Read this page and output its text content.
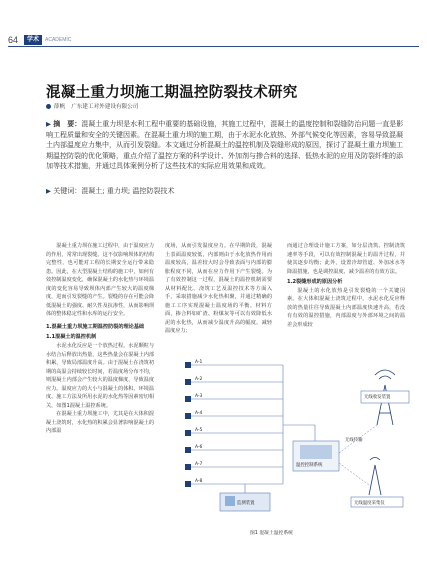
64	学术	ACADEMIC
混凝土重力坝施工期温控防裂技术研究
薛帆 广东建工对外建设有限公司
▶ 摘　要：混凝土重力坝是水利工程中重要的基础设施，其施工过程中，混凝土的温度控制和裂缝防治问题一直是影响工程质量和安全的关键因素。在混凝土重力坝的施工期，由于水泥水化放热、外部气候变化等因素，容易导致混凝土内部温度应力集中，从而引发裂缝。本文通过分析混凝土的温控机制及裂缝形成的原因，探讨了混凝土重力坝施工期温控防裂的优化策略，重点介绍了温控方案的科学设计、外加剂与掺合料的选择、低热水泥的应用及防裂纤维的添加等技术措施，并通过具体案例分析了这些技术的实际应用效果和成效。
▶ 关键词：混凝土; 重力坝; 温控防裂技术

混凝土重力坝在施工过程中，由于温度应力的作用，常常出现裂缝。这不仅影响坝体的结构完整性，也可能对工程的长期安全运行带来隐患。因此，在大型混凝土结构的施工中，如何有效控制温度变化，确保混凝土的水化热与环境温度的变化容易导致坝体内部产生较大的温度梯度，进而引发裂缝的产生。裂缝的存在可能会降低混凝土的强度、耐久性及抗渗性，从而影响坝体的整体稳定性和水库的运行安全。

1.混凝土重力坝施工期温控防裂的理论基础

1.1混凝土的温控机制

水泥水化反应是一个放热过程。水泥颗粒与水结合后释放出热量，这些热量会在混凝土内部积累，导致局部温度升高。由于混凝土在浇筑初期的高温会持续较长时间，若温度场分布不均，则混凝土内部会产生较大的温度梯度，导致温度应力。温度应力的大小与混凝土的体积、环境温度、施工方法及所用水泥的水化热等因素密切相关，如图1混凝土温控系统。

在混凝土重力坝施工中，尤其是在大体积混凝土浇筑时，水化热的积累会显著影响混凝土的内部温

度场，从而引发温度应力。在早期阶段，混凝土表面温度较低，内部则由于水化放热作用而温度较高，温差较大时会导致表面与内部的膨胀程度不同，从而在应力作用下产生裂缝。为了有效控制这一过程，混凝土的温控机制需要从材料配比、浇筑工艺及温控技术等方面入手，采取措施减少水化热积聚，并通过精确的施工工序实现混凝土温度场的平衡。材料方面，掺合料如矿渣、粉煤灰等可以有效降低水泥的水化热，从而减少温度升高的幅度。减轻温度应力；

而通过合理设计施工方案，如分层浇筑、控制浇筑速率等手段，可以有效控制混凝土的温升过程，并使其逐步均衡；此外，设置冷却管道、外加冰水等降温措施，也是调控温度、减少温差的有效方法。

1.2裂缝形成的原因分析

混凝土的水化放热是引发裂缝的一个关键因素。在大体积混凝土浇筑过程中，水泥水化反应释放的热量往往导致混凝土内部温度快速升高，若没有有效的温控措施，内部温度与外部环境之间的温差会形成较

A-1
A-2
A-3
A-4
A-5
A-6
A-7
A-8
监测装置
温控控制系统
无线收发装置
无线传输
无线温度采集仪
图1 混凝土温控系统
